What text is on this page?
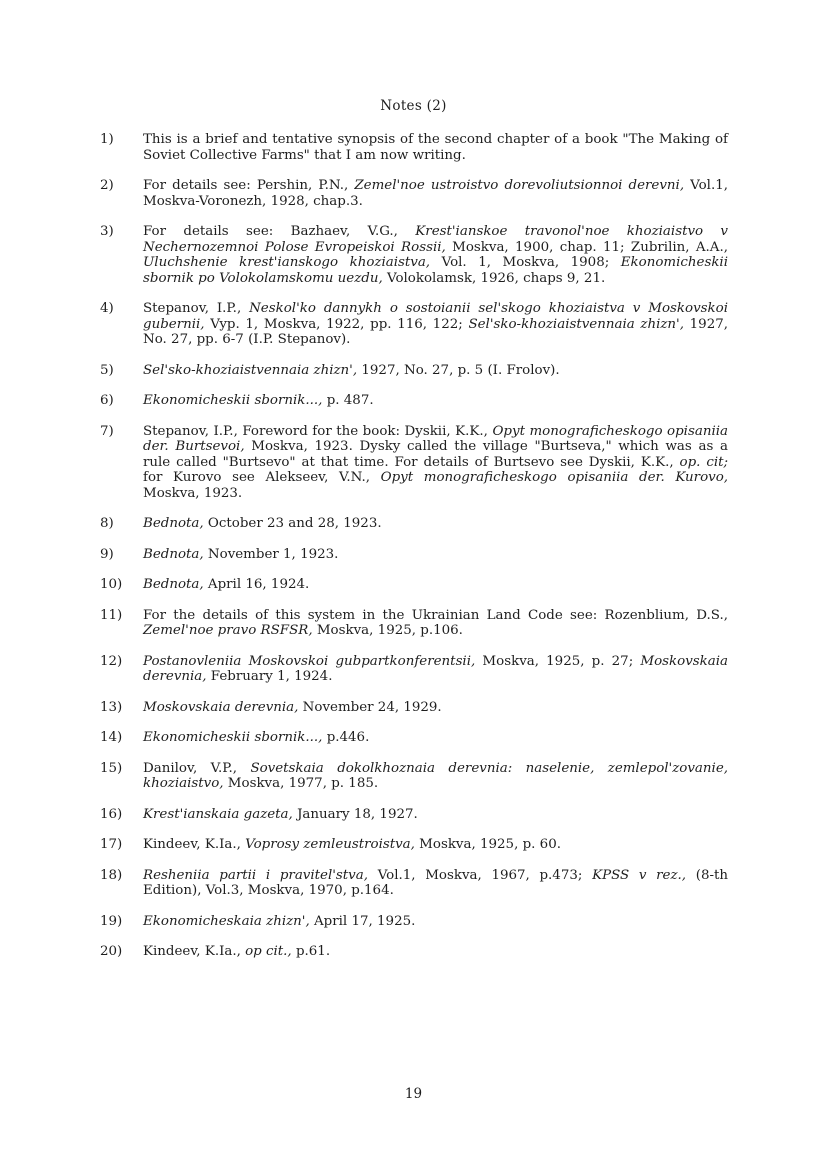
Notes (2)
1)	This is a brief and tentative synopsis of the second chapter of a book "The Making of Soviet Collective Farms" that I am now writing.
2)	For details see: Pershin, P.N., Zemel'noe ustroistvo dorevoliutsionnoi derevni, Vol.1, Moskva-Voronezh, 1928, chap.3.
3)	For details see: Bazhaev, V.G., Krest'ianskoe travonol'noe khoziaistvo v Nechernozemnoi Polose Evropeiskoi Rossii, Moskva, 1900, chap. 11; Zubrilin, A.A., Uluchshenie krest'ianskogo khoziaistva, Vol. 1, Moskva, 1908; Ekonomicheskii sbornik po Volokolamskomu uezdu, Volokolamsk, 1926, chaps 9, 21.
4)	Stepanov, I.P., Neskol'ko dannykh o sostoianii sel'skogo khoziaistva v Moskovskoi gubernii, Vyp. 1, Moskva, 1922, pp. 116, 122; Sel'sko-khoziaistvennaia zhizn', 1927, No. 27, pp. 6-7 (I.P. Stepanov).
5)	Sel'sko-khoziaistvennaia zhizn', 1927, No. 27, p. 5 (I. Frolov).
6)	Ekonomicheskii sbornik..., p. 487.
7)	Stepanov, I.P., Foreword for the book: Dyskii, K.K., Opyt monograficheskogo opisaniia der. Burtsevoi, Moskva, 1923. Dysky called the village "Burtseva," which was as a rule called "Burtsevo" at that time. For details of Burtsevo see Dyskii, K.K., op. cit; for Kurovo see Alekseev, V.N., Opyt monograficheskogo opisaniia der. Kurovo, Moskva, 1923.
8)	Bednota, October 23 and 28, 1923.
9)	Bednota, November 1, 1923.
10)	Bednota, April 16, 1924.
11)	For the details of this system in the Ukrainian Land Code see: Rozenblium, D.S., Zemel'noe pravo RSFSR, Moskva, 1925, p.106.
12)	Postanovleniia Moskovskoi gubpartkonferentsii, Moskva, 1925, p. 27; Moskovskaia derevnia, February 1, 1924.
13)	Moskovskaia derevnia, November 24, 1929.
14)	Ekonomicheskii sbornik..., p.446.
15)	Danilov, V.P., Sovetskaia dokolkhoznaia derevnia: naselenie, zemlepol'zovanie, khoziaistvo, Moskva, 1977, p. 185.
16)	Krest'ianskaia gazeta, January 18, 1927.
17)	Kindeev, K.Ia., Voprosy zemleustroistva, Moskva, 1925, p. 60.
18)	Resheniia partii i pravitel'stva, Vol.1, Moskva, 1967, p.473; KPSS v rez., (8-th Edition), Vol.3, Moskva, 1970, p.164.
19)	Ekonomicheskaia zhizn', April 17, 1925.
20)	Kindeev, K.Ia., op cit., p.61.
19
